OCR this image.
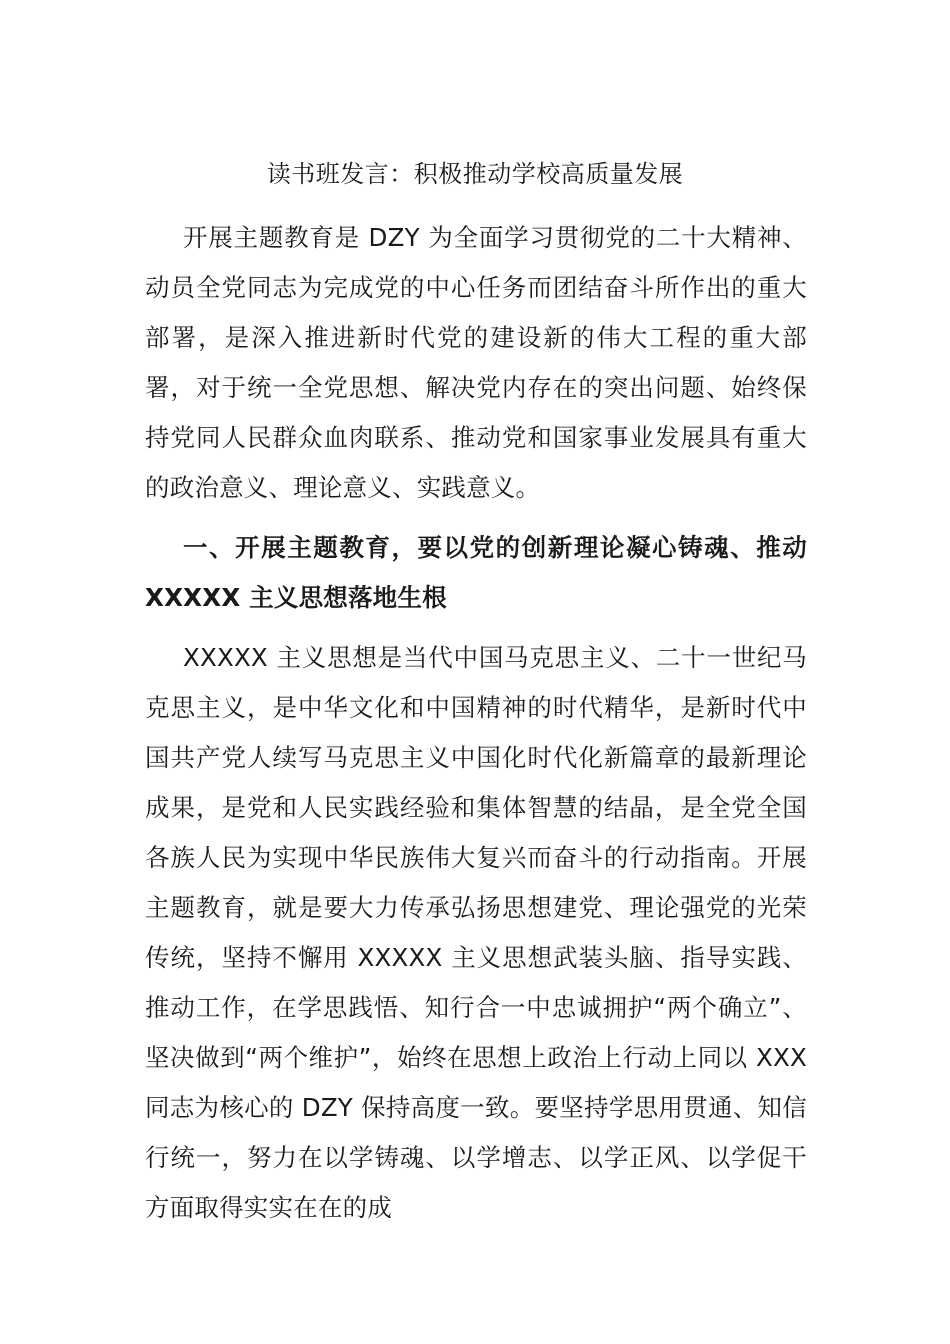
读书班发言：积极推动学校高质量发展

开展主题教育是 DZY 为全面学习贯彻党的二十大精神、动员全党同志为完成党的中心任务而团结奋斗所作出的重大部署，是深入推进新时代党的建设新的伟大工程的重大部署，对于统一全党思想、解决党内存在的突出问题、始终保持党同人民群众血肉联系、推动党和国家事业发展具有重大的政治意义、理论意义、实践意义。

一、开展主题教育，要以党的创新理论凝心铸魂、推动XXXXX 主义思想落地生根

XXXXX 主义思想是当代中国马克思主义、二十一世纪马克思主义，是中华文化和中国精神的时代精华，是新时代中国共产党人续写马克思主义中国化时代化新篇章的最新理论成果，是党和人民实践经验和集体智慧的结晶，是全党全国各族人民为实现中华民族伟大复兴而奋斗的行动指南。开展主题教育，就是要大力传承弘扬思想建党、理论强党的光荣传统，坚持不懈用 XXXXX 主义思想武装头脑、指导实践、推动工作，在学思践悟、知行合一中忠诚拥护“两个确立”、坚决做到“两个维护”，始终在思想上政治上行动上同以 XXX 同志为核心的 DZY 保持高度一致。要坚持学思用贯通、知信行统一，努力在以学铸魂、以学增志、以学正风、以学促干方面取得实实在在的成
